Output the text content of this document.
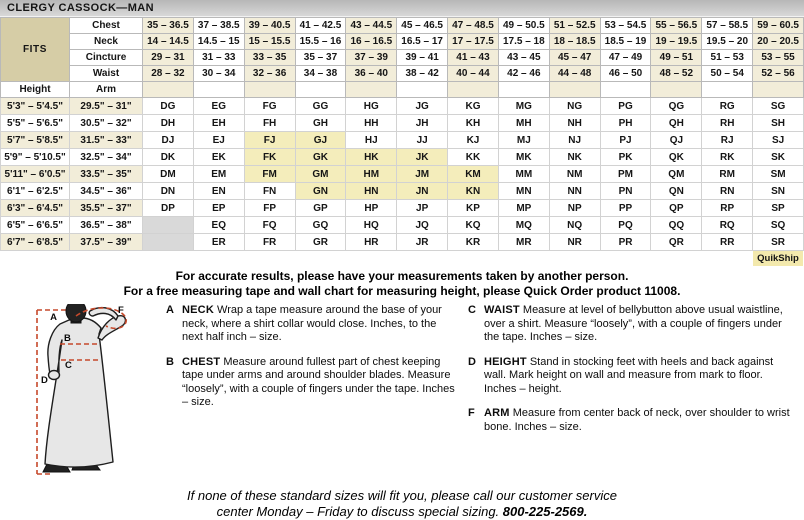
CLERGY CASSOCK—MAN
FITS	Chest	35 – 36.5	37 – 38.5	39 – 40.5	41 – 42.5	43 – 44.5	45 – 46.5	47 – 48.5	49 – 50.5	51 – 52.5	53 – 54.5	55 – 56.5	57 – 58.5	59 – 60.5
	Neck	14 – 14.5	14.5 – 15	15 – 15.5	15.5 – 16	16 – 16.5	16.5 – 17	17 – 17.5	17.5 – 18	18 – 18.5	18.5 – 19	19 – 19.5	19.5 – 20	20 – 20.5
	Cincture	29 – 31	31 – 33	33 – 35	35 – 37	37 – 39	39 – 41	41 – 43	43 – 45	45 – 47	47 – 49	49 – 51	51 – 53	53 – 55
	Waist	28 – 32	30 – 34	32 – 36	34 – 38	36 – 40	38 – 42	40 – 44	42 – 46	44 – 48	46 – 50	48 – 52	50 – 54	52 – 56
Height	Arm													
5'3" – 5'4.5"	29.5" – 31"	DG	EG	FG	GG	HG	JG	KG	MG	NG	PG	QG	RG	SG
5'5" – 5'6.5"	30.5" – 32"	DH	EH	FH	GH	HH	JH	KH	MH	NH	PH	QH	RH	SH
5'7" – 5'8.5"	31.5" – 33"	DJ	EJ	FJ	GJ	HJ	JJ	KJ	MJ	NJ	PJ	QJ	RJ	SJ
5'9" – 5'10.5"	32.5" – 34"	DK	EK	FK	GK	HK	JK	KK	MK	NK	PK	QK	RK	SK
5'11" – 6'0.5"	33.5" – 35"	DM	EM	FM	GM	HM	JM	KM	MM	NM	PM	QM	RM	SM
6'1" – 6'2.5"	34.5" – 36"	DN	EN	FN	GN	HN	JN	KN	MN	NN	PN	QN	RN	SN
6'3" – 6'4.5"	35.5" – 37"	DP	EP	FP	GP	HP	JP	KP	MP	NP	PP	QP	RP	SP
6'5" – 6'6.5"	36.5" – 38"		EQ	FQ	GQ	HQ	JQ	KQ	MQ	NQ	PQ	QQ	RQ	SQ
6'7" – 6'8.5"	37.5" – 39"		ER	FR	GR	HR	JR	KR	MR	NR	PR	QR	RR	SR
QuikShip
For accurate results, please have your measurements taken by another person.
For a free measuring tape and wall chart for measuring height, please Quick Order product 11008.
A
B
C
D
F	A NECK Wrap a tape measure around the base of your neck, where a shirt collar would close. Inches, to the next half inch – size.

B CHEST Measure around fullest part of chest keeping tape under arms and around shoulder blades. Measure “loosely”, with a couple of fingers under the tape. Inches – size.

C WAIST Measure at level of bellybutton above usual waistline, over a shirt. Measure “loosely”, with a couple of fingers under the tape. Inches – size.

D HEIGHT Stand in stocking feet with heels and back against wall. Mark height on wall and measure from mark to floor. Inches – height.

F ARM Measure from center back of neck, over shoulder to wrist bone. Inches – size.

If none of these standard sizes will fit you, please call our customer service
center Monday – Friday to discuss special sizing. 800-225-2569.
